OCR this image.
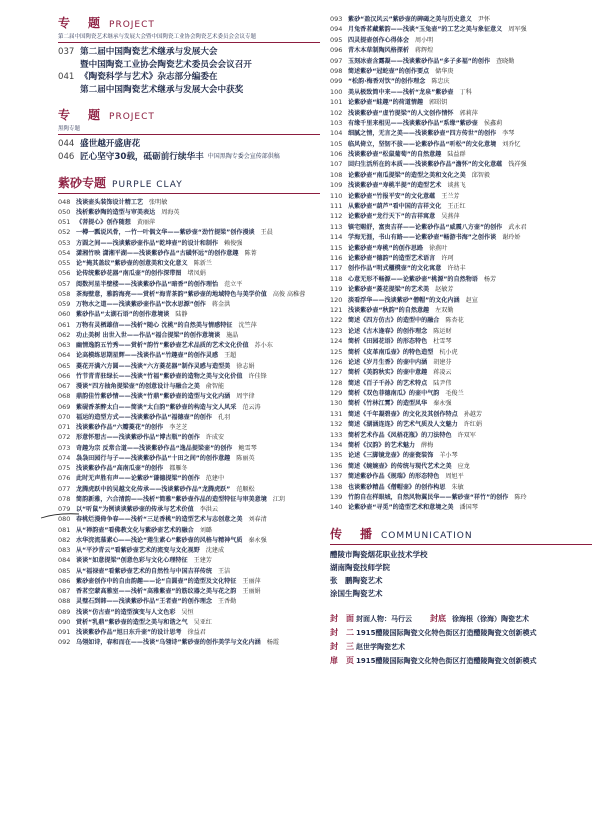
专　题 PROJECT
第二届中国陶瓷艺术继承与发展大会暨中国陶瓷工业协会陶瓷艺术委员会会议专题
037 第二届中国陶瓷艺术继承与发展大会
暨中国陶瓷工业协会陶瓷艺术委员会会议召开
041 《陶瓷科学与艺术》杂志部分编委在
第二届中国陶瓷艺术继承与发展大会中获奖
专　题 PROJECT
黑陶专题
044 盛世越开盛唐花
046 匠心坚守30载，砥砺前行续华丰 中国黑陶专委会宣传部供稿
紫砂专题 PURPLE CLAY
048 浅谈壶头装饰设计精工艺 张明敏
050 浅析紫砂陶的造型与审美表达 周海英
051 《菩提心》创作随想 黄丽萍
052 一樽一瓢说风骨，一竹一叶偶文华——紫砂壶“劲竹提梁”创作漫谈 王晨
053 方圆之间——浅谈紫砂壶作品“乾坤壶”的设计和制作 赖俊强
054 潇湘竹映 潇湘平湖——浅谈紫砂作品“古磺怀远”的创作意趣 陈菁
055 论“掩其盖纹”紫砂壶的创意美和文化意义 陈新兰
056 论传统紫砂花器“南瓜壶”的创作深带图 堵凤娟
057 阅数河星半壁楼——浅谈紫砂作品“暗香”的创作理怡 范立平
058 茶海壁意，雅韵海亮——赏析“海青茶韵”紫砂壶的地域特色与美学价值 高俊 高稚蓉
059 万物水之道——浅谈紫砂壶作品“饮水思源”创作 蒋金洪
060 紫砂作品“太湖石语”的创作意境谈 陆静
061 万物有灵栖雄信——浅析“随心 沈桃”的自然美与情感特征 沈竺萍
062 功止美树 出世入世——作品“福合提梁”的创作意境谈 施晶
063 幽情逸韵五竹秀——赏析“韵竹”紫砂壶艺术品质的艺术文化价值 苏小东
064 论高模练思期星辉——浅谈作品“竹趣壶”的创作灵感 王超
065 菱花开满六方圆——浅谈“六方菱花器”制作灵感与造型美 徐志娟
066 竹节青青驻绿长——浅谈“竹福”紫砂壶的造物之美与文化价值 许佳锋
067 漫谈“四方抽角提梁壶”的创意设计与融合之美 俞智能
068 鼎韵佳竹紫砂情——浅谈“竹鼎”紫砂壶的造型与文化内涵 周宇律
069 紫砚香茶醉太白——简谈“太白韵”紫砂壶的构造与文人风采 范云涛
070 福运的造型方式——浅谈紫砂作品“福德壶”的创作 孔羽
071 浅谈紫砂作品“六瓣菱花”的创作 李芝芝
072 形意怀想古——浅谈紫砂作品“博古瓶”的创作 许成安
073 奇趣为宗 反常合道——浅谈紫砂作品“逸品提梁壶”的创作 鲍雪琴
074 袅袅田园行与子——浅谈紫砂作品“十田之间”的创作意趣 陈丽英
075 浅谈紫砂作品“高南瓜壶”的创作 都雁冬
076 此时无声胜有声——论紫砂“谦德提梁”的创作 范建中
077 龙腾虎跃中的吴越文化传承——浅谈紫砂作品“龙腾虎跃” 范顺松
078 简韵新雅，六合清韵——浅析“简雅”紫砂壶作品的造型特征与审美意境 江玥
079 以“听鼠”为例谈谈紫砂壶的传承与艺术价值 李洪云
080 春桃烂漫倚争春——浅析“三足香桃”的造型艺术与志创意之美 刘春清
081 从“禅韵壶”看佛教文化与紫砂壶艺术的融合 刘璐
082 水华浣流慕素心——浅论“莲生素心”紫砂壶的风格与精神气质 秦永强
083 从“平沙青云”看紫砂壶艺术的流变与文化视野 沈建成
084 谈谈“如意提梁”创意色彩与文化心理特征 王建芳
085 从“福禄壶”看紫砂壶艺术的自然性与中国吉祥传统 王洁
086 紫砂壶创作中的自由韵趣——论“自圆壶”的造型及文化特征 王丽萍
087 香茗空蒙高雅室——浅析“高雅紫壶”的筋纹器之美与花之韵 王丽娟
088 灵璧石到韩——浅谈紫砂作品“王者壶”的创作理念 王香勤
089 浅谈“仿古壶”的造型演变与人文色彩 吴恒
090 赏析“乳鼎”紫砂壶的造型之美与和谐之气 吴亚红
091 浅谈紫砂作品“旭日东升壶”的设计思考 徐益君
092 乌翎如诗，春和而在——浅谈“乌翎诗”紫砂壶的创作美学与文化内涵 杨霞
093 紫砂“盈汉风云”紫砂壶的碑碣之美与历史意义 尹怀
094 月兔香茗藏紫韵——浅谈“玉兔壶”的工艺之美与象征意义 周军强
095 四灵提壶创作心得体会 周小明
096 青木本草制陶风格探析 蒋辉煌
097 玉刻冰壶含露凝——浅谈紫砂作品“多子多福”的创作 查晓勤
098 简述紫砂“冠蛇壶”的创作要点 储华庚
099 “松韵·梅香对饮”的创作理念 陈忠庆
100 美从极致简中来——浅析“龙泉”紫砂壶 丁科
101 论紫砂壶“蛙趣”的荷道情趣 郭昭钥
102 浅谈紫砂壶“虚竹提梁”的人文创作情怀 郭莉萍
103 有缘千里来相见——浅谈紫砂作品“系缘”紫砂壶 侯鑫莉
104 细腻之情，无言之美——浅谈紫砂壶“四方传世”的创作 李琴
105 临风倚立，坚韧不拔——论紫砂作品“听松”的文化意境 刘乔忆
106 浅谈紫砂壶“松鼠葡萄”的自然意趣 陆益群
107 回归生活所在的本质——浅谈紫砂作品“澹怀”的文化意蕴 钱祥强
108 论紫砂壶“南瓜提梁”的造型之美和文化之美 邱智毅
109 浅谈紫砂壶“寿桃半提”的造型艺术 谈燕飞
110 论紫砂壶“竹报平安”的文化意蕴 王兰芳
111 从紫砂壶“葫芦”看中国的吉祥文化 王正红
112 论紫砂壶“龙行天下”的吉祥寓意 吴燕萍
113 镇宅赐舒，富贵吉祥——论紫砂作品“威震八方壶”的创作 武永君
114 学海无涯，书山有路——论紫砂壶“畅游书海”之创作谈 谢玲娇
115 论紫砂壶“寿桃”的创作思路 徐燕叶
116 论紫砂壶“德韵”的造型艺术语言 许珂
117 创作作品“明式櫃櫈壶”的文化寓意 许幼丰
118 心意无形不畅源——论紫砂壶“桃源”的自然物语 杨芳
119 论紫砂壶“菱花提梁”的艺术美 赵敏芳
120 淡看浮华——浅谈紫砂“僧帽”的文化内涵 赵宣
121 浅谈紫砂壶“秋韵”的自然意趣 左双勤
122 简述《四方仿古》的造型中的融合 陈杏花
123 论述《古木逢春》的创作理念 陈运财
124 简析《田园花语》的形态特色 杜雪琴
125 简析《皮革南瓜壶》的特色造型 杭小虎
126 论述《岁月生香》的壶中内涵 胡建芬
127 简析《美韵秋实》的壶中意趣 蒋凌云
128 简述《百子千孙》的艺术特点 陆尹伟
129 简析《双色菲德南瓜》的壶中气韵 毛俊兰
130 简析《竹林江霄》的造型风华 秦永强
131 简述《千年凝碧壶》的文化及其创作特点 孙越芳
132 简述《湖涵连连》的艺术气质及人文魅力 许红娟
133 简析艺术作品《凤梧花瓶》的刀法特色 许双军
134 简析《汉韵》的艺术魅力 薛梅
135 论述《三脚镜龙壶》的壶瓷装饰 羊小琴
136 简述《婉婉壶》的传统与现代艺术之美 应龙
137 简述紫砂作品《规瑞》的形态特色 周旭平
138 也谈紫砂精品《僧帽壶》的创作构思 朱敏
139 竹韵自在样眼城，自然风物翼民华——紫砂壶“祥竹”的创作 陈玲
140 论紫砂壶“寻觅”的造型艺术和意境之美 潘国琴
传　播 COMMUNICATION
醴陵市陶瓷烟花职业技术学校
湖南陶瓷技师学院
张　鹏陶瓷艺术
涂国生陶瓷艺术
封　面 封面人物：马行云 封底 徐海根（徐海）陶瓷艺术
封　二 1915醴陵国际陶瓷文化特色街区打造醴陵陶瓷文创新模式
封　三 赵世学陶瓷艺术
扉　页 1915醴陵国际陶瓷文化特色街区打造醴陵陶瓷文创新模式
